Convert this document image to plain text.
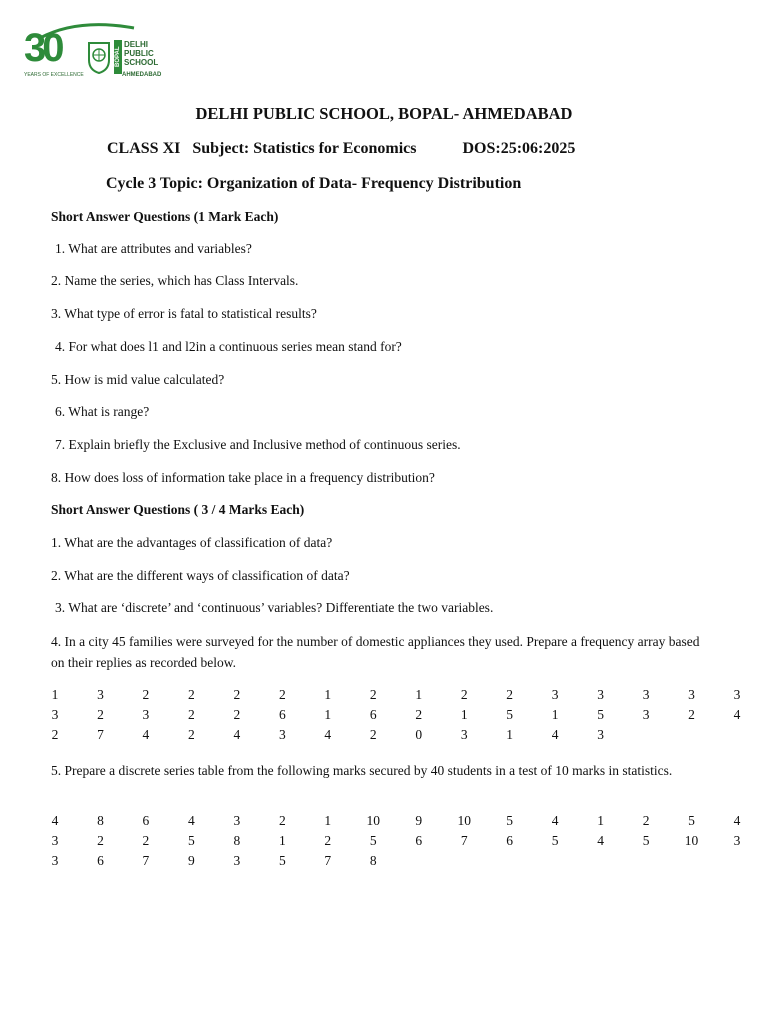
30	BOPAL
DELHI
PUBLIC
SCHOOL
AHMEDABAD
YEARS OF EXCELLENCE
DELHI PUBLIC SCHOOL, BOPAL- AHMEDABAD
CLASS XI Subject: Statistics for Economics	DOS:25:06:2025
Cycle 3 Topic: Organization of Data- Frequency Distribution
Short Answer Questions (1 Mark Each)
1. What are attributes and variables?
2. Name the series, which has Class Intervals.
3. What type of error is fatal to statistical results?
4. For what does l1 and l2in a continuous series mean stand for?
5. How is mid value calculated?
6. What is range?
7. Explain briefly the Exclusive and Inclusive method of continuous series.
8. How does loss of information take place in a frequency distribution?
Short Answer Questions ( 3 / 4 Marks Each)
1. What are the advantages of classification of data?
2. What are the different ways of classification of data?
3. What are ‘discrete’ and ‘continuous’ variables? Differentiate the two variables.
4. In a city 45 families were surveyed for the number of domestic appliances they used. Prepare a frequency array based on their replies as recorded below.
1	3	2	2	2	2	1	2	1	2	2	3	3	3	3	3
3	2	3	2	2	6	1	6	2	1	5	1	5	3	2	4
2	7	4	2	4	3	4	2	0	3	1	4	3
5. Prepare a discrete series table from the following marks secured by 40 students in a test of 10 marks in statistics.
4	8	6	4	3	2	1	10	9	10	5	4	1	2	5	4
3	2	2	5	8	1	2	5	6	7	6	5	4	5	10	3
3	6	7	9	3	5	7	8
